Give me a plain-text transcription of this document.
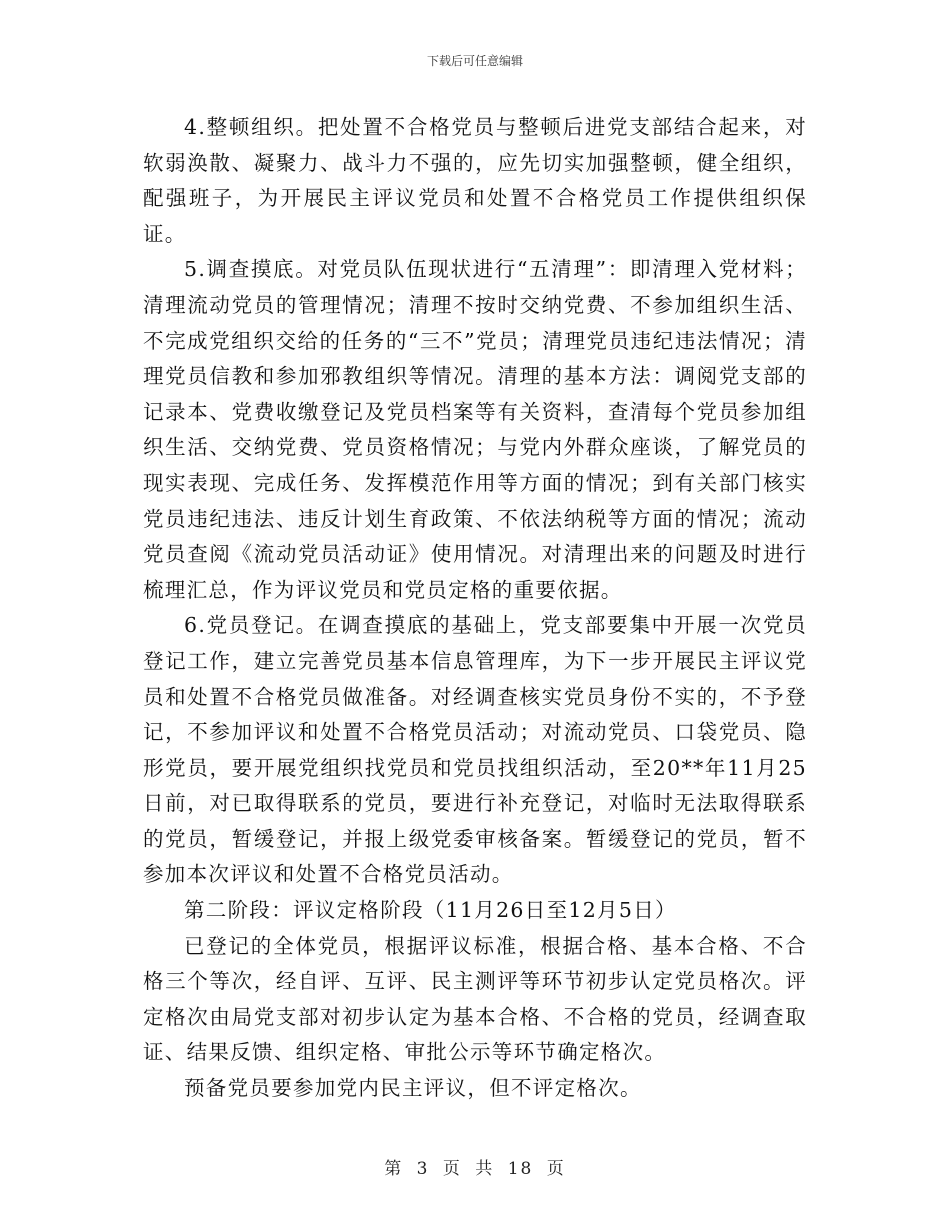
下载后可任意编辑

4.整顿组织。把处置不合格党员与整顿后进党支部结合起来，对软弱涣散、凝聚力、战斗力不强的，应先切实加强整顿，健全组织，配强班子，为开展民主评议党员和处置不合格党员工作提供组织保证。

5.调查摸底。对党员队伍现状进行“五清理”：即清理入党材料；清理流动党员的管理情况；清理不按时交纳党费、不参加组织生活、不完成党组织交给的任务的“三不”党员；清理党员违纪违法情况；清理党员信教和参加邪教组织等情况。清理的基本方法：调阅党支部的记录本、党费收缴登记及党员档案等有关资料，查清每个党员参加组织生活、交纳党费、党员资格情况；与党内外群众座谈，了解党员的现实表现、完成任务、发挥模范作用等方面的情况；到有关部门核实党员违纪违法、违反计划生育政策、不依法纳税等方面的情况；流动党员查阅《流动党员活动证》使用情况。对清理出来的问题及时进行梳理汇总，作为评议党员和党员定格的重要依据。

6.党员登记。在调查摸底的基础上，党支部要集中开展一次党员登记工作，建立完善党员基本信息管理库，为下一步开展民主评议党员和处置不合格党员做准备。对经调查核实党员身份不实的，不予登记，不参加评议和处置不合格党员活动；对流动党员、口袋党员、隐形党员，要开展党组织找党员和党员找组织活动，至20**年11月25日前，对已取得联系的党员，要进行补充登记，对临时无法取得联系的党员，暂缓登记，并报上级党委审核备案。暂缓登记的党员，暂不参加本次评议和处置不合格党员活动。

第二阶段：评议定格阶段（11月26日至12月5日）

已登记的全体党员，根据评议标准，根据合格、基本合格、不合格三个等次，经自评、互评、民主测评等环节初步认定党员格次。评定格次由局党支部对初步认定为基本合格、不合格的党员，经调查取证、结果反馈、组织定格、审批公示等环节确定格次。

预备党员要参加党内民主评议，但不评定格次。

第 3 页 共 18 页
